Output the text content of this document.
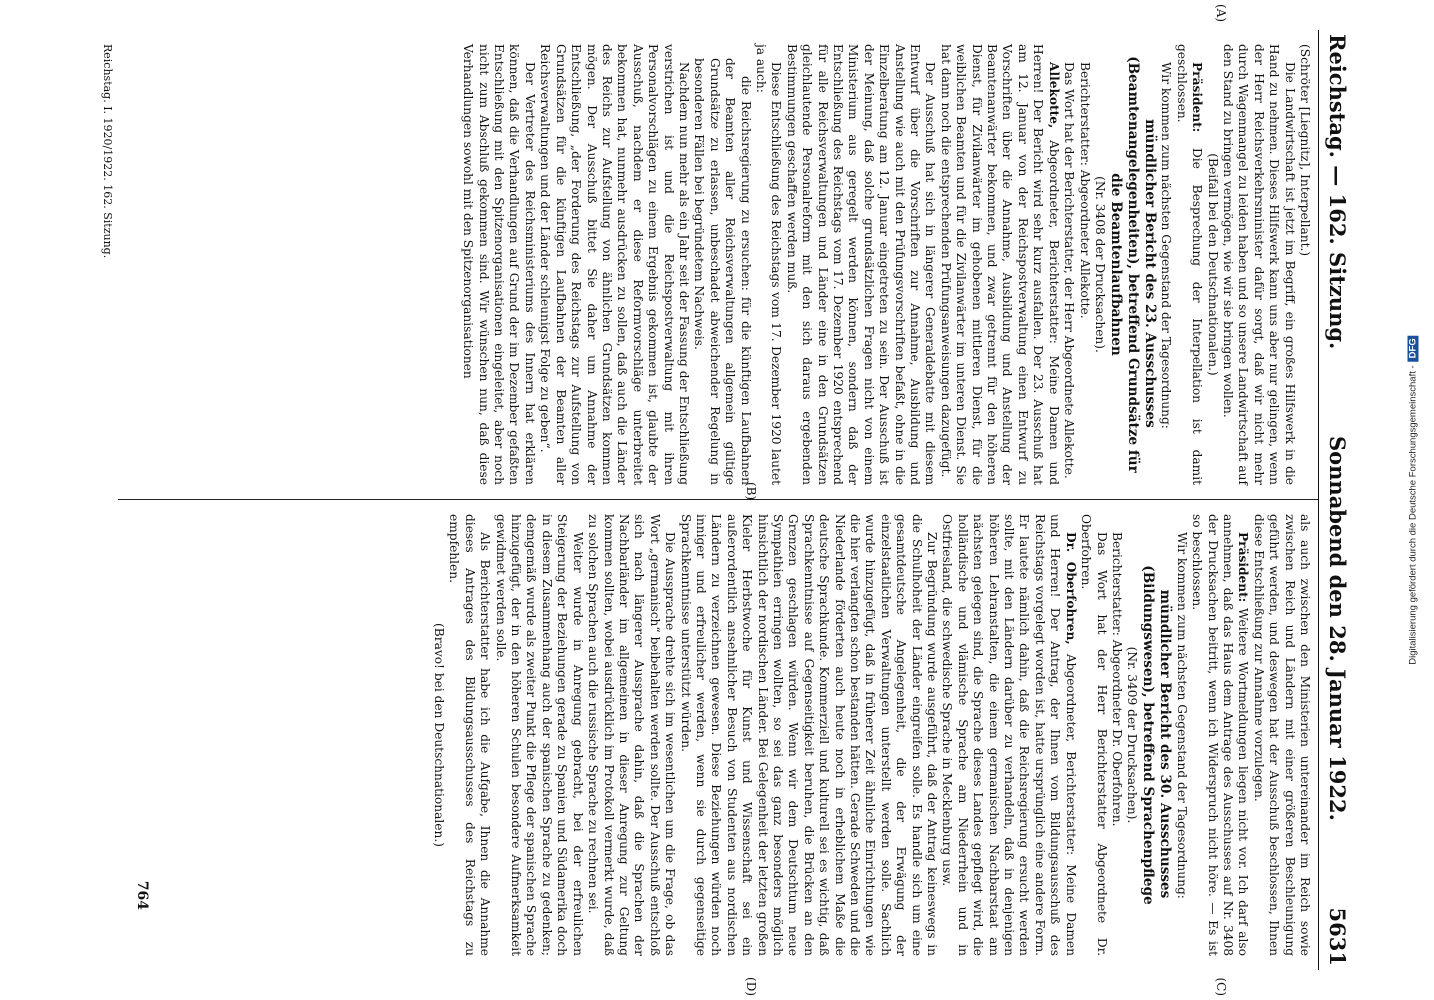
Reichstag. — 162. Sitzung.
Sonnabend den 28. Januar 1922.
5631

(Schröter [Liegnitz], Interpellant.)

Die Landwirtschaft ist jetzt im Begriff, ein großes Hilfswerk in die Hand zu nehmen. Dieses Hilfswerk kann uns aber nur gelingen, wenn der Herr Reichsverkehrsminister dafür sorgt, daß wir nicht mehr durch Wagenmangel zu leiden haben und so unsere Landwirtschaft auf den Stand zu bringen vermögen, wie wir sie bringen wollen.

(Beifall bei den Deutschnationalen.)

Präsident: Die Besprechung der Interpellation ist damit geschlossen.

Wir kommen zum nächsten Gegenstand der Tagesordnung:

mündlicher Bericht des 23. Ausschusses (Beamtenangelegenheiten), betreffend Grundsätze für die Beamtenlaufbahnen

(Nr. 3408 der Drucksachen).

Berichterstatter: Abgeordneter Allekotte.

Das Wort hat der Berichterstatter, der Herr Abgeordnete Allekotte.

Allekotte, Abgeordneter, Berichterstatter: Meine Damen und Herren! Der Bericht wird sehr kurz ausfallen. Der 23. Ausschuß hat am 12. Januar von der Reichspostverwaltung einen Entwurf zu Vorschriften über die Annahme, Ausbildung und Anstellung der Beamtenanwärter bekommen, und zwar getrennt für den höheren Dienst, für Zivilanwärter im gehobenen mittleren Dienst, für die weiblichen Beamten und für die Zivilanwärter im unteren Dienst. Sie hat dann noch die entsprechenden Prüfungsanweisungen dazugefügt.

Der Ausschuß hat sich in längerer Generaldebatte mit diesem Entwurf über die Vorschriften zur Annahme, Ausbildung und Anstellung wie auch mit den Prüfungsvorschriften befaßt, ohne in die Einzelberatung am 12. Januar eingetreten zu sein. Der Ausschuß ist der Meinung, daß solche grundsätzlichen Fragen nicht von einem Ministerium aus geregelt werden können, sondern daß der Entschließung des Reichstags vom 17. Dezember 1920 entsprechend für alle Reichsverwaltungen und Länder eine in den Grundsätzen gleichlautende Personalreform mit den sich daraus ergebenden Bestimmungen geschaffen werden muß.

Diese Entschließung des Reichstags vom 17. Dezember 1920 lautet ja auch:

die Reichsregierung zu ersuchen: für die künftigen Laufbahnen der Beamten aller Reichsverwaltungen allgemein gültige Grundsätze zu erlassen, unbeschadet abweichender Regelung in besonderen Fällen bei begründetem Nachweis.

Nachdem nun mehr als ein Jahr seit der Fassung der Entschließung verstrichen ist und die Reichspostverwaltung mit ihren Personalvorschlägen zu einem Ergebnis gekommen ist, glaubte der Ausschuß, nachdem er diese Reformvorschläge unterbreitet bekommen hat, nunmehr ausdrücken zu sollen, daß auch die Länder des Reichs zur Aufstellung von ähnlichen Grundsätzen kommen mögen. Der Ausschuß bittet Sie daher um Annahme der Entschließung, „der Forderung des Reichstags zur Aufstellung von Grundsätzen für die künftigen Laufbahnen der Beamten aller Reichsverwaltungen und der Länder schleunigst Folge zu geben“.

Der Vertreter des Reichsministeriums des Innern hat erklären können, daß die Verhandlungen auf Grund der im Dezember gefaßten Entschließung mit den Spitzenorganisationen eingeleitet, aber noch nicht zum Abschluß gekommen sind. Wir wünschen nun, daß diese Verhandlungen sowohl mit den Spitzenorganisationen

als auch zwischen den Ministerien untereinander im Reich sowie zwischen Reich und Ländern mit einer größeren Beschleunigung geführt werden, und deswegen hat der Ausschuß beschlossen, Ihnen diese Entschließung zur Annahme vorzulegen.

Präsident: Weitere Wortmeldungen liegen nicht vor. Ich darf also annehmen, daß das Haus dem Antrage des Ausschusses auf Nr. 3408 der Drucksachen beitritt, wenn ich Widerspruch nicht höre. — Es ist so beschlossen.

Wir kommen zum nächsten Gegenstand der Tagesordnung:

mündlicher Bericht des 30. Ausschusses (Bildungswesen), betreffend Sprachenpflege

(Nr. 3409 der Drucksachen).

Berichterstatter: Abgeordneter Dr. Oberfohren.

Das Wort hat der Herr Berichterstatter Abgeordnete Dr. Oberfohren.

Dr. Oberfohren, Abgeordneter, Berichterstatter: Meine Damen und Herren! Der Antrag, der Ihnen vom Bildungsausschuß des Reichstags vorgelegt worden ist, hatte ursprünglich eine andere Form. Er lautete nämlich dahin, daß die Reichsregierung ersucht werden sollte, mit den Ländern darüber zu verhandeln, daß in denjenigen höheren Lehranstalten, die einem germanischen Nachbarstaat am nächsten gelegen sind, die Sprache dieses Landes gepflegt wird, die holländische und vlämische Sprache am Niederrhein und in Ostfriesland, die schwedische Sprache in Mecklenburg usw.

Zur Begründung wurde ausgeführt, daß der Antrag keineswegs in die Schulhoheit der Länder eingreifen solle. Es handle sich um eine gesamtdeutsche Angelegenheit, die der Erwägung der einzelstaatlichen Verwaltungen unterstellt werden solle. Sachlich wurde hinzugefügt, daß in früherer Zeit ähnliche Einrichtungen wie die hier verlangten schon bestanden hätten. Gerade Schweden und die Niederlande förderten auch heute noch in erheblichem Maße die deutsche Sprachkunde. Kommerziell und kulturell sei es wichtig, daß Sprachkenntnisse auf Gegenseitigkeit beruhen, die Brücken an den Grenzen geschlagen würden. Wenn wir dem Deutschtum neue Sympathien erringen wollten, so sei das ganz besonders möglich hinsichtlich der nordischen Länder. Bei Gelegenheit der letzten großen Kieler Herbstwoche für Kunst und Wissenschaft sei ein außerordentlich ansehnlicher Besuch von Studenten aus nordischen Ländern zu verzeichnen gewesen. Diese Beziehungen würden noch inniger und erfreulicher werden, wenn sie durch gegenseitige Sprachkenntnisse unterstützt würden.

Die Aussprache drehte sich im wesentlichen um die Frage, ob das Wort „germanisch“ beibehalten werden sollte. Der Ausschuß entschloß sich nach längerer Aussprache dahin, daß die Sprachen der Nachbarländer im allgemeinen in dieser Anregung zur Geltung kommen sollten, wobei ausdrücklich im Protokoll vermerkt wurde, daß zu solchen Sprachen auch die russische Sprache zu rechnen sei.

Weiter wurde in Anregung gebracht, bei der erfreulichen Steigerung der Beziehungen gerade zu Spanien und Südamerika doch in diesem Zusammenhang auch der spanischen Sprache zu gedenken; demgemäß wurde als zweiter Punkt die Pflege der spanischen Sprache hinzugefügt, der in den höheren Schulen besondere Aufmerksamkeit gewidmet werden solle.

Als Berichterstatter habe ich die Aufgabe, Ihnen die Annahme dieses Antrages des Bildungsausschusses des Reichstags zu empfehlen.

(Bravo! bei den Deutschnationalen.)

(A)
(B)
(C)
(D)
Reichstag. I. 1920/1922. 162. Sitzung.
764
Digitalisierung gefördert durch die Deutsche Forschungsgemeinschaft -DFG
